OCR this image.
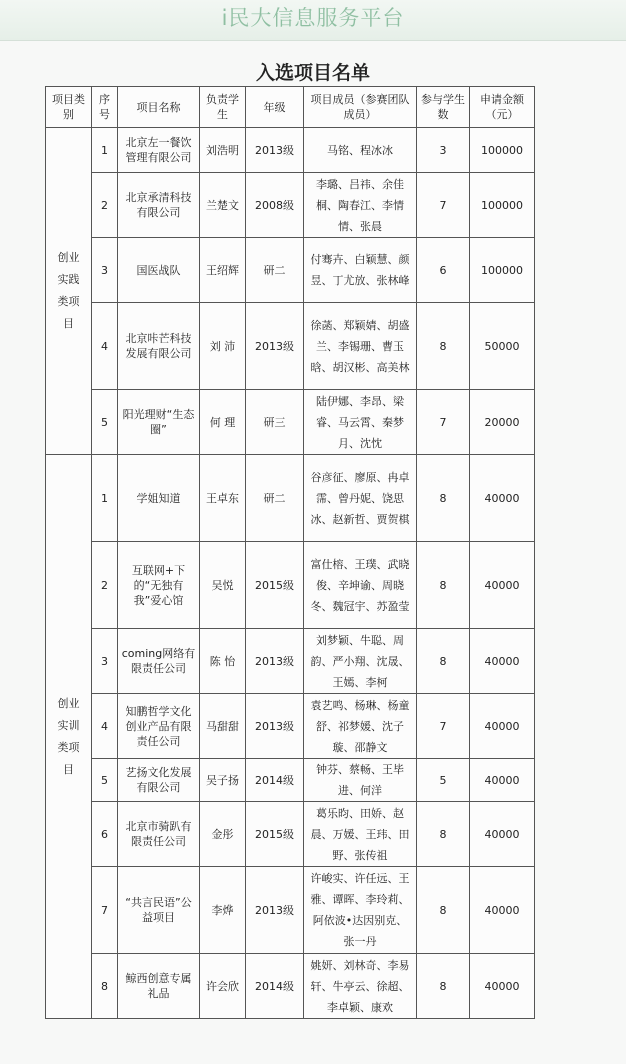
i民大信息服务平台
入选项目名单
项目类别	序号	项目名称	负责学生	年级	项目成员（参赛团队成员）	参与学生数	申请金额（元）
创业实践类项目	1	北京左一餐饮管理有限公司	刘浩明	2013级	马铭、程冰冰	3	100000
	2	北京承清科技有限公司	兰楚文	2008级	李璐、吕祎、余佳桐、陶春江、李情情、张晨	7	100000
	3	国医战队	王绍辉	研二	付骞卉、白颖慧、颜昱、丁尤放、张林峰	6	100000
	4	北京咔芒科技发展有限公司	刘 沛	2013级	徐菡、郑颖婧、胡盛兰、李锡珊、曹玉晗、胡汉彬、高美林	8	50000
	5	阳光理财“生态圈”	何 理	研三	陆伊娜、李昂、梁睿、马云霄、秦梦月、沈忱	7	20000
创业实训类项目	1	学姐知道	王卓东	研二	谷彦征、廖原、冉卓霈、曾丹妮、饶思冰、赵新哲、贾贺棋	8	40000
	2	互联网+下的“无独有我”爱心馆	吴悦	2015级	富仕榕、王璞、武晓俊、辛坤谕、周晓冬、魏冠宇、苏盈莹	8	40000
	3	coming网络有限责任公司	陈 怡	2013级	刘梦颖、牛聪、周韵、严小翔、沈晟、王嫣、李柯	8	40000
	4	知鹏哲学文化创业产品有限责任公司	马甜甜	2013级	袁艺鸣、杨琳、杨童舒、祁梦媛、沈子璇、邵静文	7	40000
	5	艺扬文化发展有限公司	吴子扬	2014级	钟芬、蔡畅、王毕进、何洋	5	40000
	6	北京市骑趴有限责任公司	金彤	2015级	葛乐昀、田娇、赵晨、万媛、王玮、田野、张传祖	8	40000
	7	“共言民语”公益项目	李烨	2013级	许峻实、许任远、王雅、谭晖、李玲莉、阿依波•达因别克、张一丹	8	40000
	8	鲸西创意专属礼品	许会欣	2014级	姚妍、刘林奇、李易轩、牛亭云、徐超、李卓颖、康欢	8	40000
